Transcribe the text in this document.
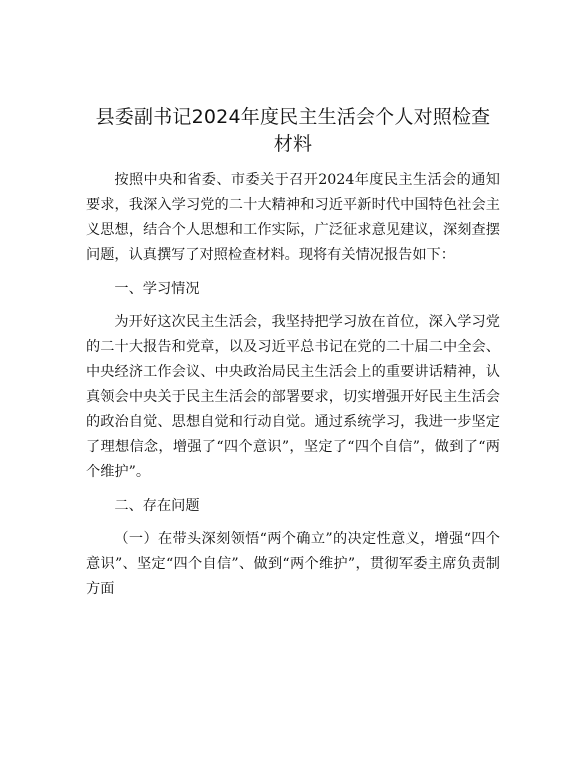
县委副书记2024年度民主生活会个人对照检查
材料

按照中央和省委、市委关于召开2024年度民主生活会的通知要求，我深入学习党的二十大精神和习近平新时代中国特色社会主义思想，结合个人思想和工作实际，广泛征求意见建议，深刻查摆问题，认真撰写了对照检查材料。现将有关情况报告如下：

一、学习情况

为开好这次民主生活会，我坚持把学习放在首位，深入学习党的二十大报告和党章，以及习近平总书记在党的二十届二中全会、中央经济工作会议、中央政治局民主生活会上的重要讲话精神，认真领会中央关于民主生活会的部署要求，切实增强开好民主生活会的政治自觉、思想自觉和行动自觉。通过系统学习，我进一步坚定了理想信念，增强了“四个意识”，坚定了“四个自信”，做到了“两个维护”。

二、存在问题

（一）在带头深刻领悟“两个确立”的决定性意义，增强“四个意识”、坚定“四个自信”、做到“两个维护”，贯彻军委主席负责制方面
